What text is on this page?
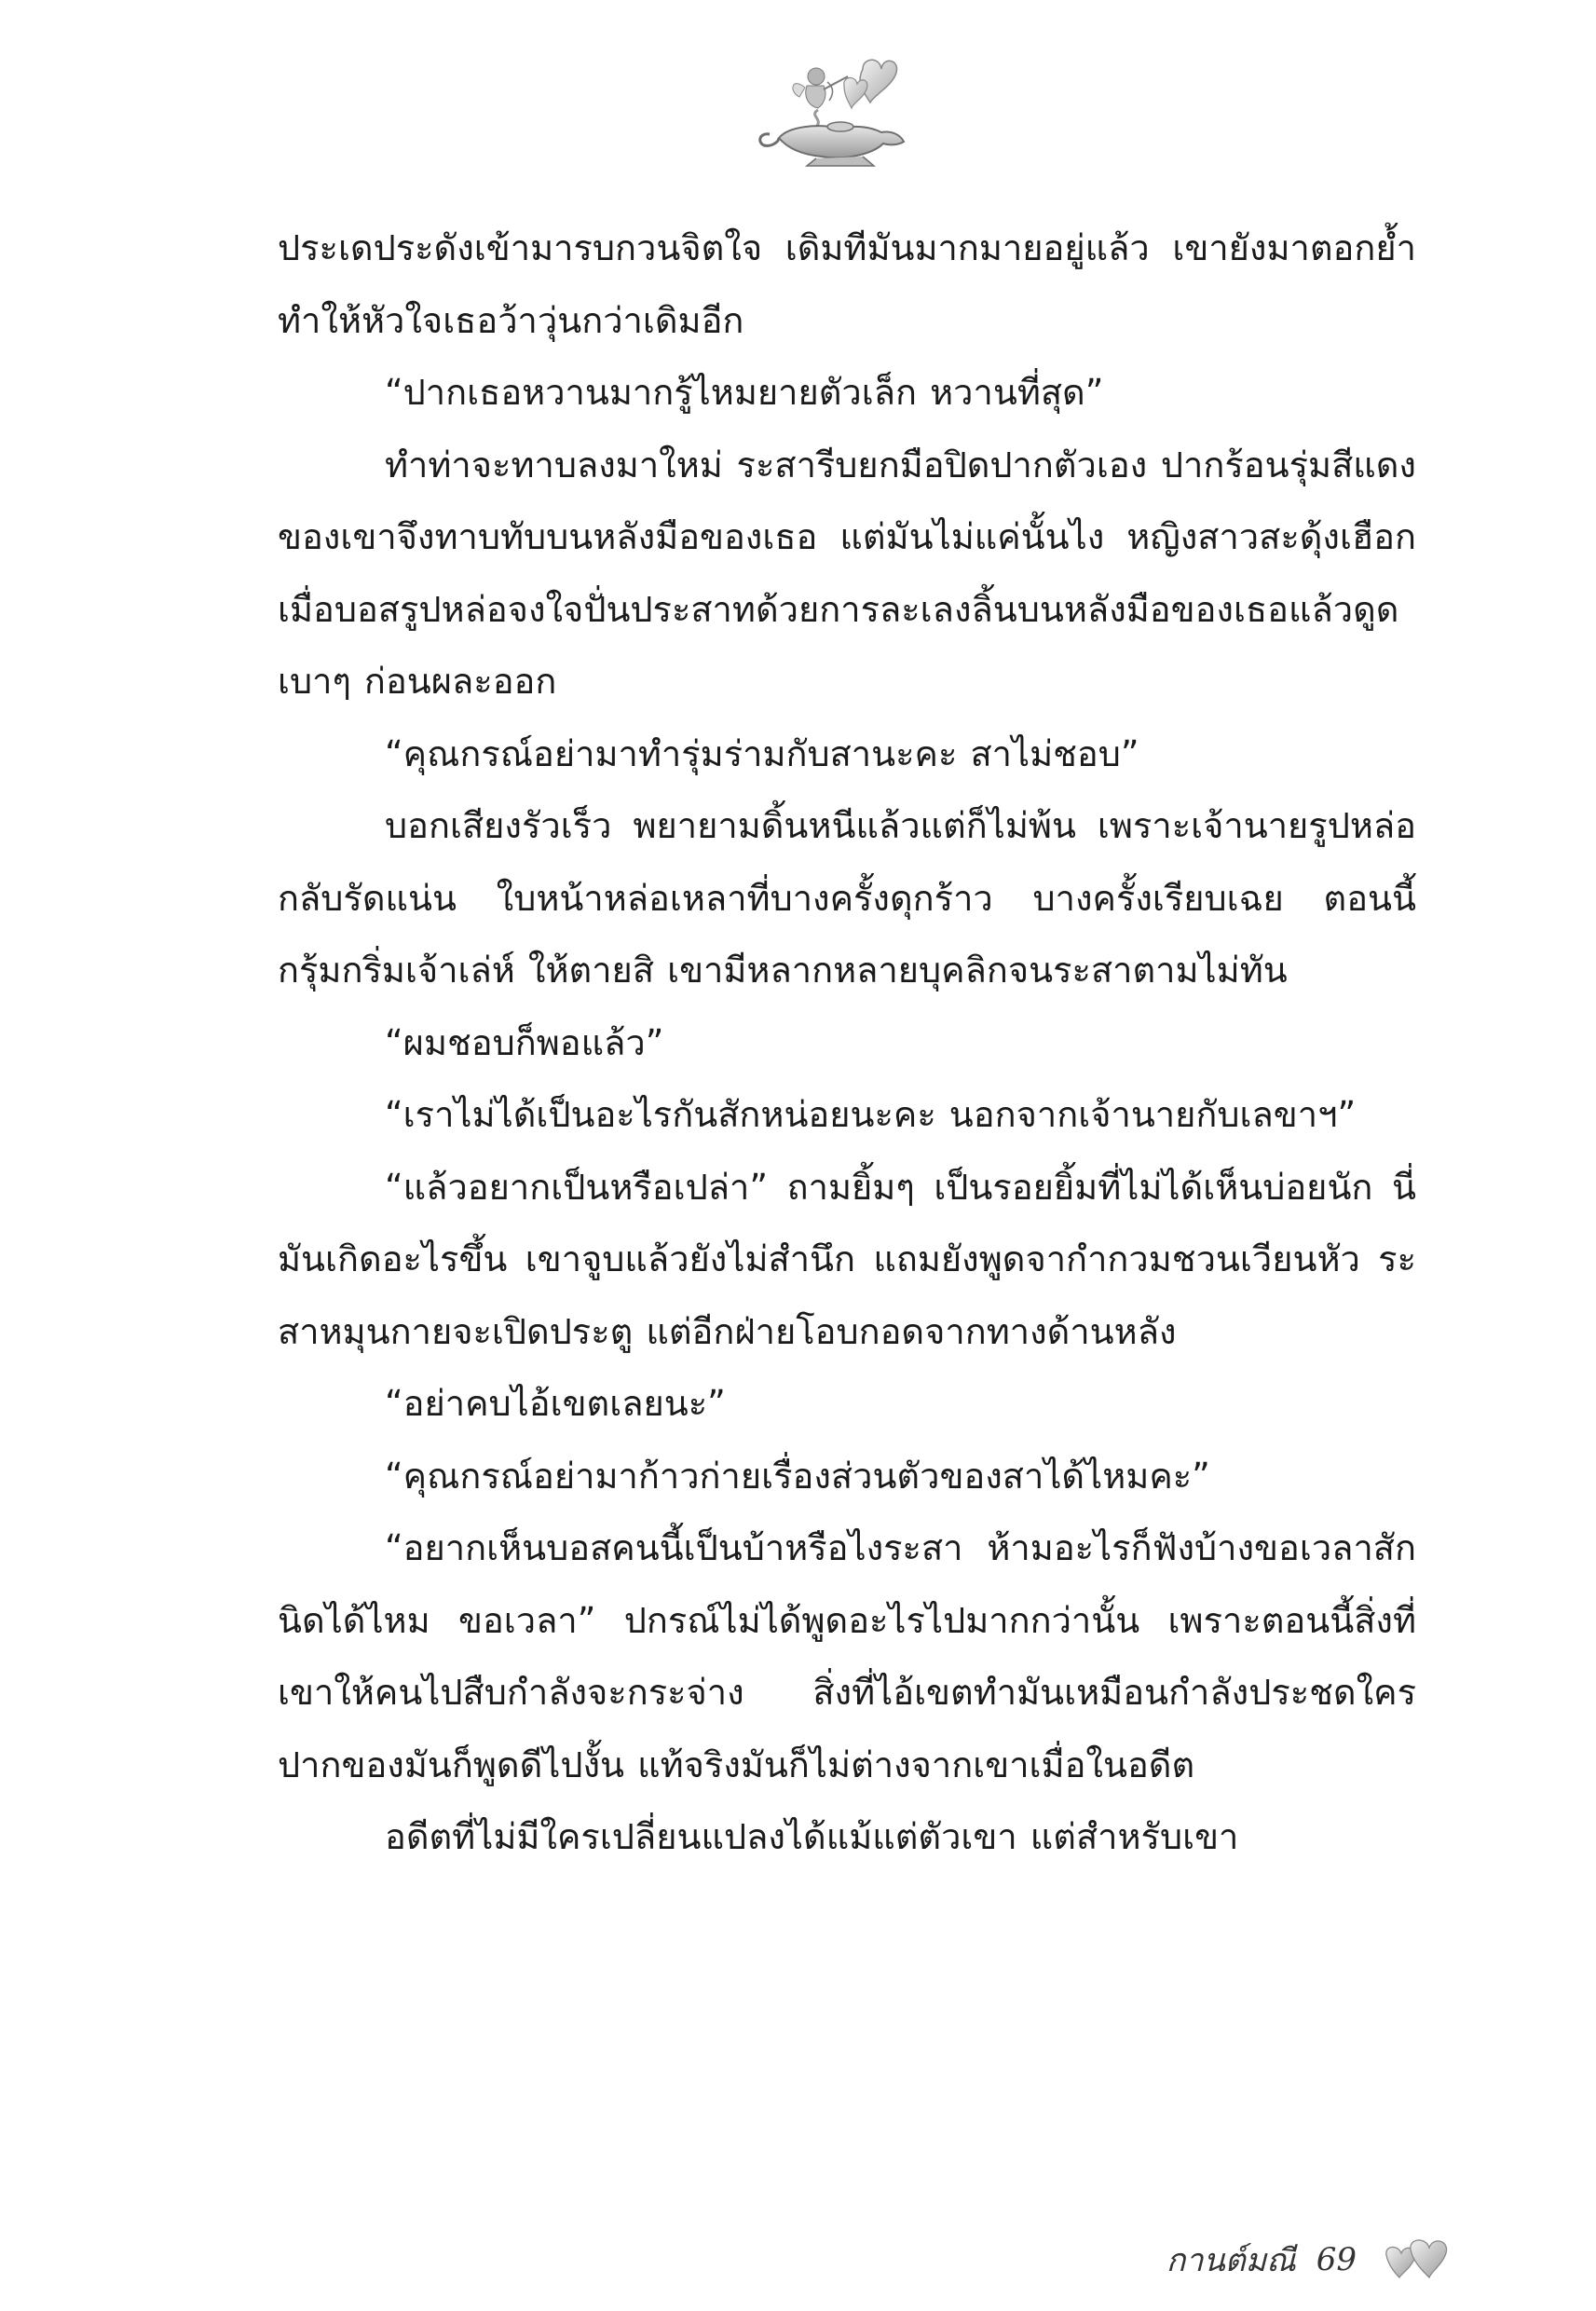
ประเดประดังเข้ามารบกวนจิตใจ เดิมทีมันมากมายอยู่แล้ว เขายังมาตอกย้ำทำให้หัวใจเธอว้าวุ่นกว่าเดิมอีก

“ปากเธอหวานมากรู้ไหมยายตัวเล็ก หวานที่สุด”

ทำท่าจะทาบลงมาใหม่ ระสารีบยกมือปิดปากตัวเอง ปากร้อนรุ่มสีแดงของเขาจึงทาบทับบนหลังมือของเธอ แต่มันไม่แค่นั้นไง หญิงสาวสะดุ้งเฮือกเมื่อบอสรูปหล่อจงใจปั่นประสาทด้วยการละเลงลิ้นบนหลังมือของเธอแล้วดูดเบาๆ ก่อนผละออก

“คุณกรณ์อย่ามาทำรุ่มร่ามกับสานะคะ สาไม่ชอบ”

บอกเสียงรัวเร็ว พยายามดิ้นหนีแล้วแต่ก็ไม่พ้น เพราะเจ้านายรูปหล่อกลับรัดแน่น ใบหน้าหล่อเหลาที่บางครั้งดุกร้าว บางครั้งเรียบเฉย ตอนนี้กรุ้มกริ่มเจ้าเล่ห์ ให้ตายสิ เขามีหลากหลายบุคลิกจนระสาตามไม่ทัน

“ผมชอบก็พอแล้ว”

“เราไม่ได้เป็นอะไรกันสักหน่อยนะคะ นอกจากเจ้านายกับเลขาฯ”

“แล้วอยากเป็นหรือเปล่า” ถามยิ้มๆ เป็นรอยยิ้มที่ไม่ได้เห็นบ่อยนัก นี่มันเกิดอะไรขึ้น เขาจูบแล้วยังไม่สำนึก แถมยังพูดจากำกวมชวนเวียนหัว ระสาหมุนกายจะเปิดประตู แต่อีกฝ่ายโอบกอดจากทางด้านหลัง

“อย่าคบไอ้เขตเลยนะ”

“คุณกรณ์อย่ามาก้าวก่ายเรื่องส่วนตัวของสาได้ไหมคะ”

“อยากเห็นบอสคนนี้เป็นบ้าหรือไงระสา ห้ามอะไรก็ฟังบ้างขอเวลาสักนิดได้ไหม ขอเวลา” ปกรณ์ไม่ได้พูดอะไรไปมากกว่านั้น เพราะตอนนี้สิ่งที่เขาให้คนไปสืบกำลังจะกระจ่าง สิ่งที่ไอ้เขตทำมันเหมือนกำลังประชดใคร ปากของมันก็พูดดีไปงั้น แท้จริงมันก็ไม่ต่างจากเขาเมื่อในอดีต

อดีตที่ไม่มีใครเปลี่ยนแปลงได้แม้แต่ตัวเขา แต่สำหรับเขา

กานต์มณี 69
